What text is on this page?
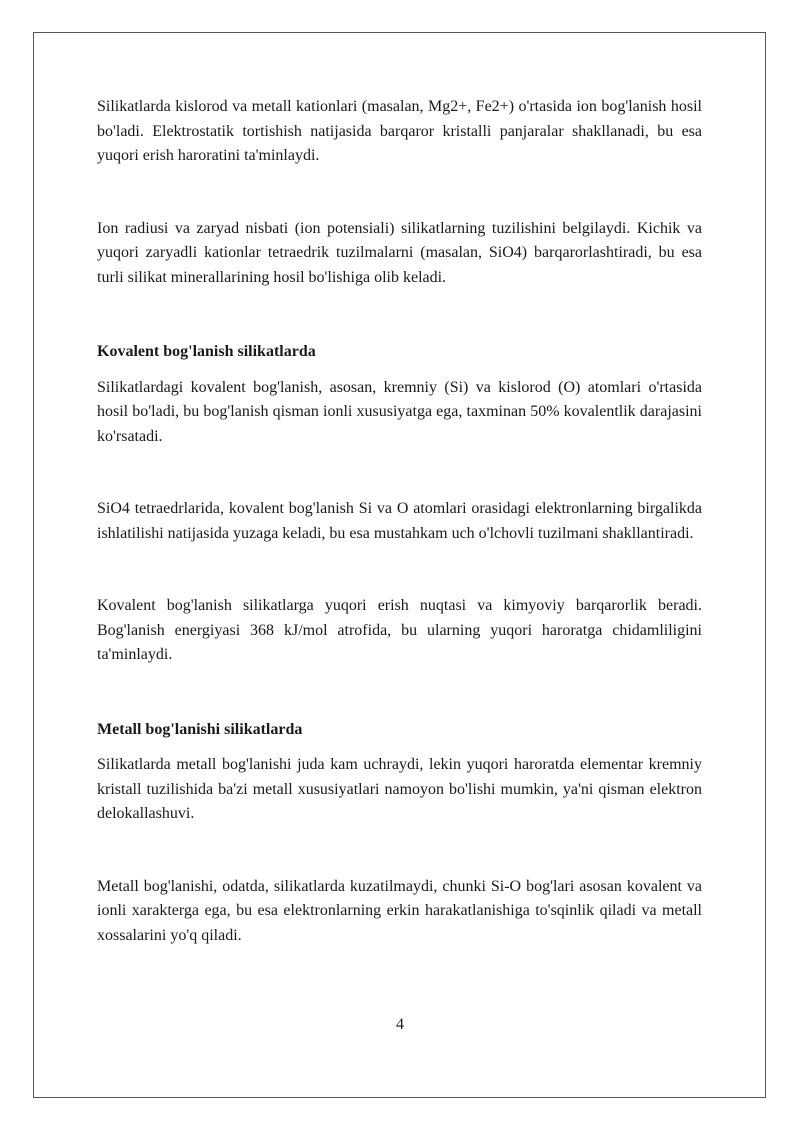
Silikatlarda kislorod va metall kationlari (masalan, Mg2+, Fe2+) o'rtasida ion bog'lanish hosil bo'ladi. Elektrostatik tortishish natijasida barqaror kristalli panjaralar shakllanadi, bu esa yuqori erish haroratini ta'minlaydi.

Ion radiusi va zaryad nisbati (ion potensiali) silikatlarning tuzilishini belgilaydi. Kichik va yuqori zaryadli kationlar tetraedrik tuzilmalarni (masalan, SiO4) barqarorlashtiradi, bu esa turli silikat minerallarining hosil bo'lishiga olib keladi.

Kovalent bog'lanish silikatlarda

Silikatlardagi kovalent bog'lanish, asosan, kremniy (Si) va kislorod (O) atomlari o'rtasida hosil bo'ladi, bu bog'lanish qisman ionli xususiyatga ega, taxminan 50% kovalentlik darajasini ko'rsatadi.

SiO4 tetraedrlarida, kovalent bog'lanish Si va O atomlari orasidagi elektronlarning birgalikda ishlatilishi natijasida yuzaga keladi, bu esa mustahkam uch o'lchovli tuzilmani shakllantiradi.

Kovalent bog'lanish silikatlarga yuqori erish nuqtasi va kimyoviy barqarorlik beradi. Bog'lanish energiyasi 368 kJ/mol atrofida, bu ularning yuqori haroratga chidamliligini ta'minlaydi.

Metall bog'lanishi silikatlarda

Silikatlarda metall bog'lanishi juda kam uchraydi, lekin yuqori haroratda elementar kremniy kristall tuzilishida ba'zi metall xususiyatlari namoyon bo'lishi mumkin, ya'ni qisman elektron delokallashuvi.

Metall bog'lanishi, odatda, silikatlarda kuzatilmaydi, chunki Si-O bog'lari asosan kovalent va ionli xarakterga ega, bu esa elektronlarning erkin harakatlanishiga to'sqinlik qiladi va metall xossalarini yo'q qiladi.

4
